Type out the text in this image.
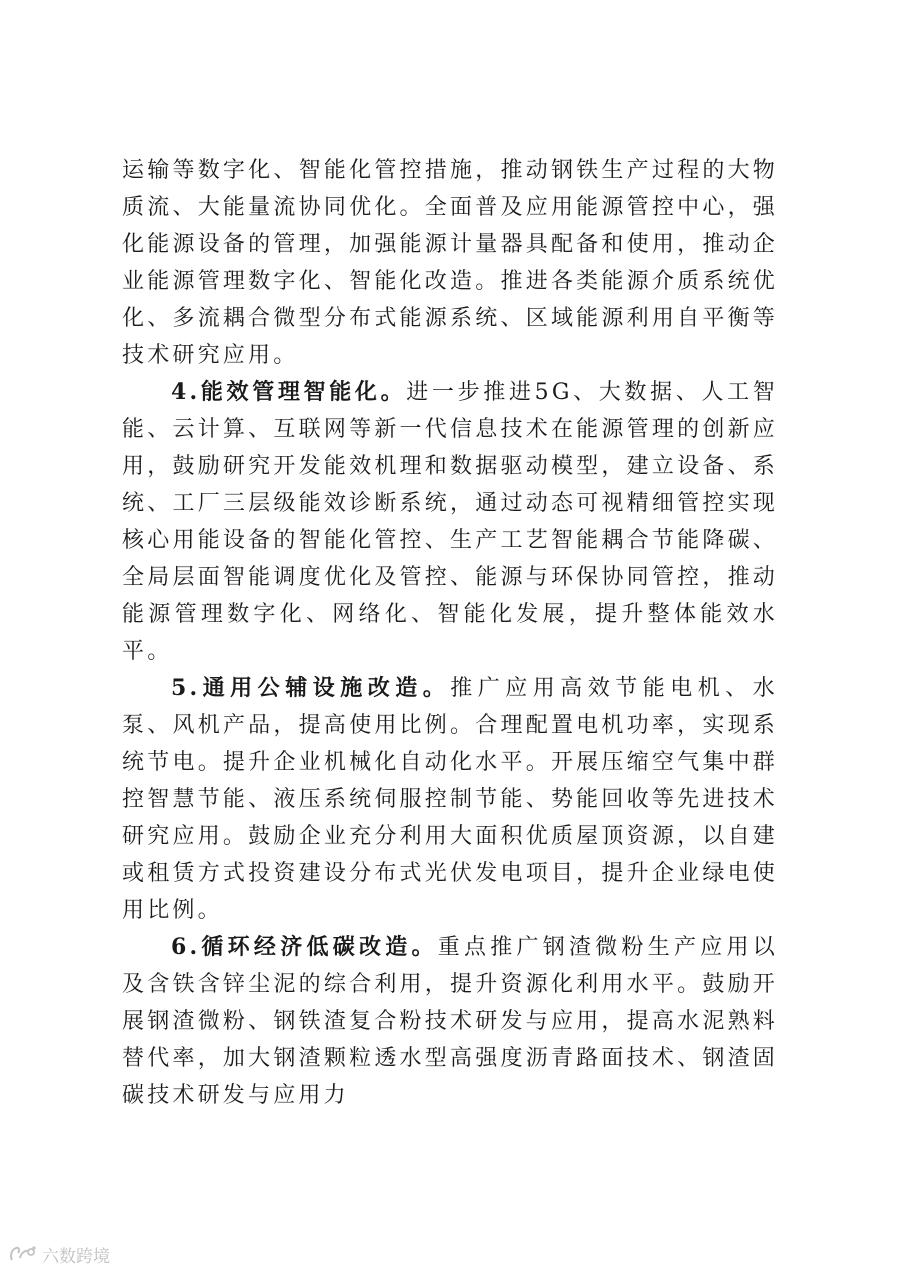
运输等数字化、智能化管控措施，推动钢铁生产过程的大物质流、大能量流协同优化。全面普及应用能源管控中心，强化能源设备的管理，加强能源计量器具配备和使用，推动企业能源管理数字化、智能化改造。推进各类能源介质系统优化、多流耦合微型分布式能源系统、区域能源利用自平衡等技术研究应用。

4.能效管理智能化。进一步推进5G、大数据、人工智能、云计算、互联网等新一代信息技术在能源管理的创新应用，鼓励研究开发能效机理和数据驱动模型，建立设备、系统、工厂三层级能效诊断系统，通过动态可视精细管控实现核心用能设备的智能化管控、生产工艺智能耦合节能降碳、全局层面智能调度优化及管控、能源与环保协同管控，推动能源管理数字化、网络化、智能化发展，提升整体能效水平。

5.通用公辅设施改造。推广应用高效节能电机、水泵、风机产品，提高使用比例。合理配置电机功率，实现系统节电。提升企业机械化自动化水平。开展压缩空气集中群控智慧节能、液压系统伺服控制节能、势能回收等先进技术研究应用。鼓励企业充分利用大面积优质屋顶资源，以自建或租赁方式投资建设分布式光伏发电项目，提升企业绿电使用比例。

6.循环经济低碳改造。重点推广钢渣微粉生产应用以及含铁含锌尘泥的综合利用，提升资源化利用水平。鼓励开展钢渣微粉、钢铁渣复合粉技术研发与应用，提高水泥熟料替代率，加大钢渣颗粒透水型高强度沥青路面技术、钢渣固碳技术研发与应用力

六数跨境
